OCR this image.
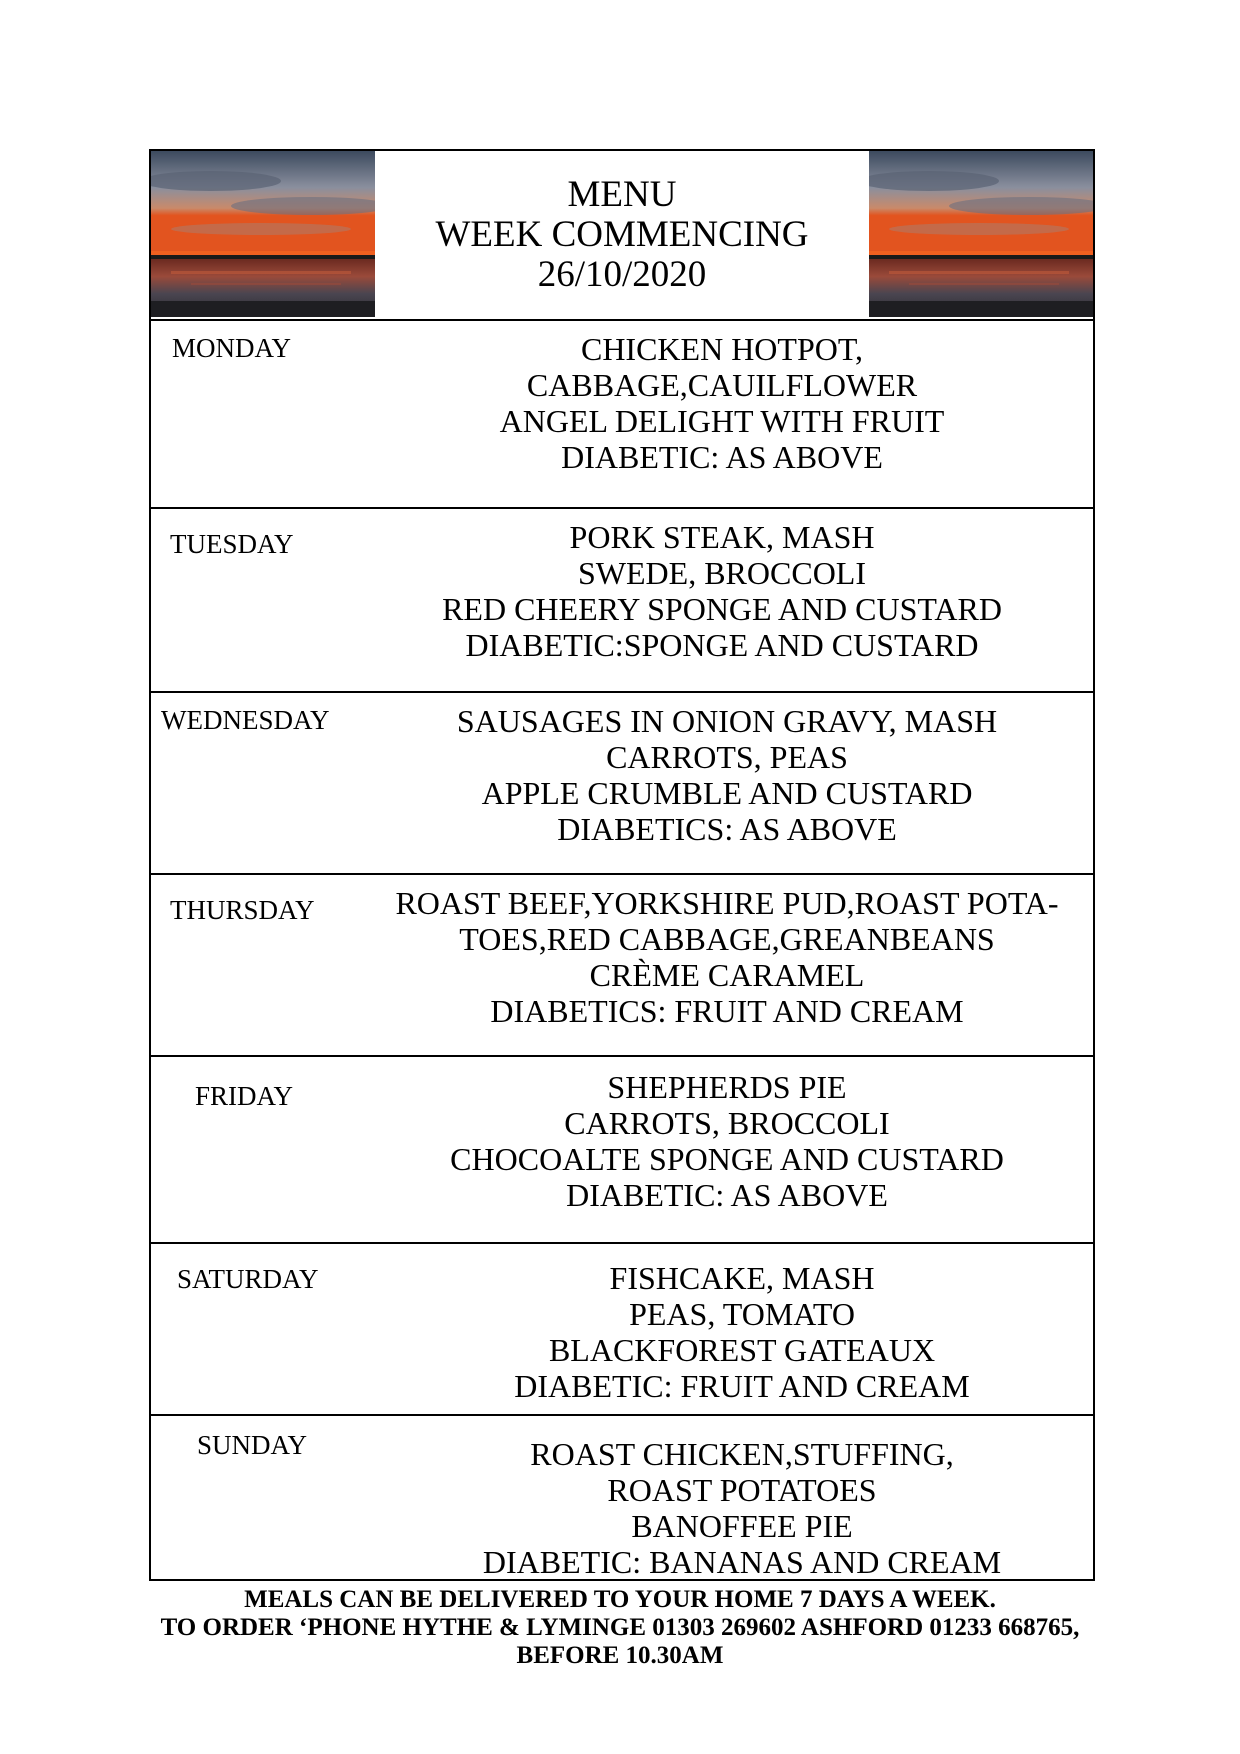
MENU
WEEK COMMENCING
26/10/2020
MONDAY	CHICKEN HOTPOT,
CABBAGE,CAUILFLOWER
ANGEL DELIGHT WITH FRUIT
DIABETIC: AS ABOVE
TUESDAY	PORK STEAK, MASH
SWEDE, BROCCOLI
RED CHEERY SPONGE AND CUSTARD
DIABETIC:SPONGE AND CUSTARD
WEDNESDAY	SAUSAGES IN ONION GRAVY, MASH
CARROTS, PEAS
APPLE CRUMBLE AND CUSTARD
DIABETICS: AS ABOVE
THURSDAY	ROAST BEEF,YORKSHIRE PUD,ROAST POTA-
TOES,RED CABBAGE,GREANBEANS
CRÈME CARAMEL
DIABETICS: FRUIT AND CREAM
FRIDAY	SHEPHERDS PIE
CARROTS, BROCCOLI
CHOCOALTE SPONGE AND CUSTARD
DIABETIC: AS ABOVE
SATURDAY	FISHCAKE, MASH
PEAS, TOMATO
BLACKFOREST GATEAUX
DIABETIC: FRUIT AND CREAM
SUNDAY	ROAST CHICKEN,STUFFING,
ROAST POTATOES
BANOFFEE PIE
DIABETIC: BANANAS AND CREAM
MEALS CAN BE DELIVERED TO YOUR HOME 7 DAYS A WEEK.
TO ORDER ‘PHONE HYTHE & LYMINGE 01303 269602 ASHFORD 01233 668765,
BEFORE 10.30AM
